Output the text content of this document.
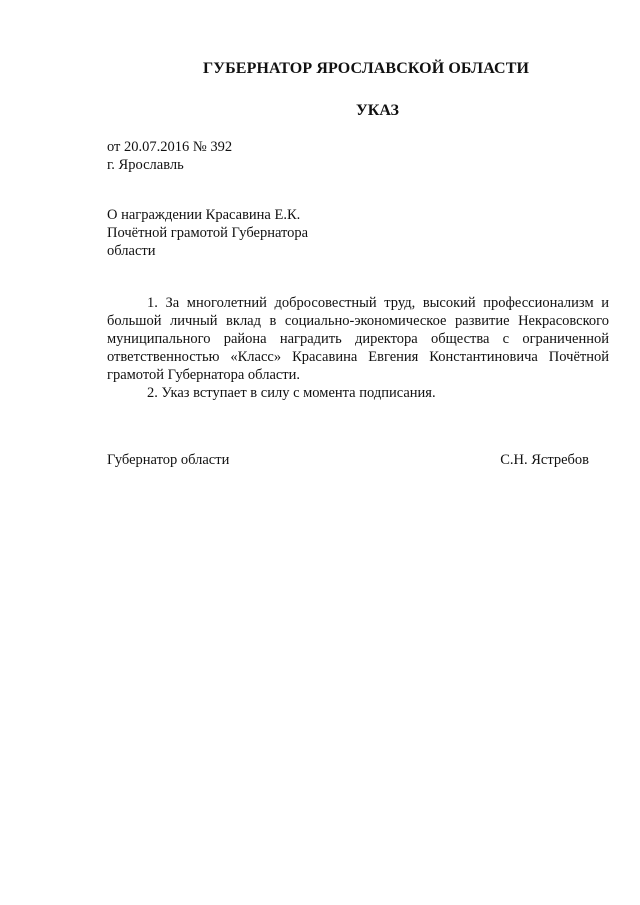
ГУБЕРНАТОР ЯРОСЛАВСКОЙ ОБЛАСТИ
УКАЗ
от 20.07.2016 № 392
г. Ярославль
О награждении Красавина Е.К.
Почётной грамотой Губернатора
области

1. За многолетний добросовестный труд, высокий профессионализм и большой личный вклад в социально-экономическое развитие Некрасовского муниципального района наградить директора общества с ограниченной ответственностью «Класс» Красавина Евгения Константиновича Почётной грамотой Губернатора области.

2. Указ вступает в силу с момента подписания.

Губернатор области	С.Н. Ястребов
